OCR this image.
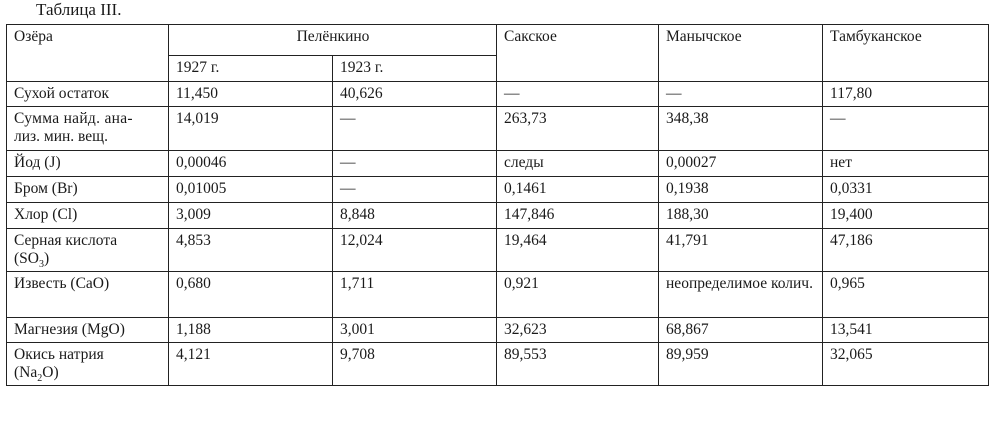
Таблица III.
Озёра	Пелёнкино		Сакское	Манычское	Тамбуканское
	1927 г.	1923 г.			
Сухой остаток	11,450	40,626	—	—	117,80
Сумма найд. ана-
лиз. мин. вещ.	14,019	—	263,73	348,38	—
Йод (J)	0,00046	—	следы	0,00027	нет
Бром (Br)	0,01005	—	0,1461	0,1938	0,0331
Хлор (Cl)	3,009	8,848	147,846	188,30	19,400
Серная кислота
$(SO_3)$	4,853	12,024	19,464	41,791	47,186
Известь (CaO)	0,680	1,711	0,921	неопределимое колич.	0,965
Магнезия (MgO)	1,188	3,001	32,623	68,867	13,541
Окись натрия
$(Na_2O)$	4,121	9,708	89,553	89,959	32,065
